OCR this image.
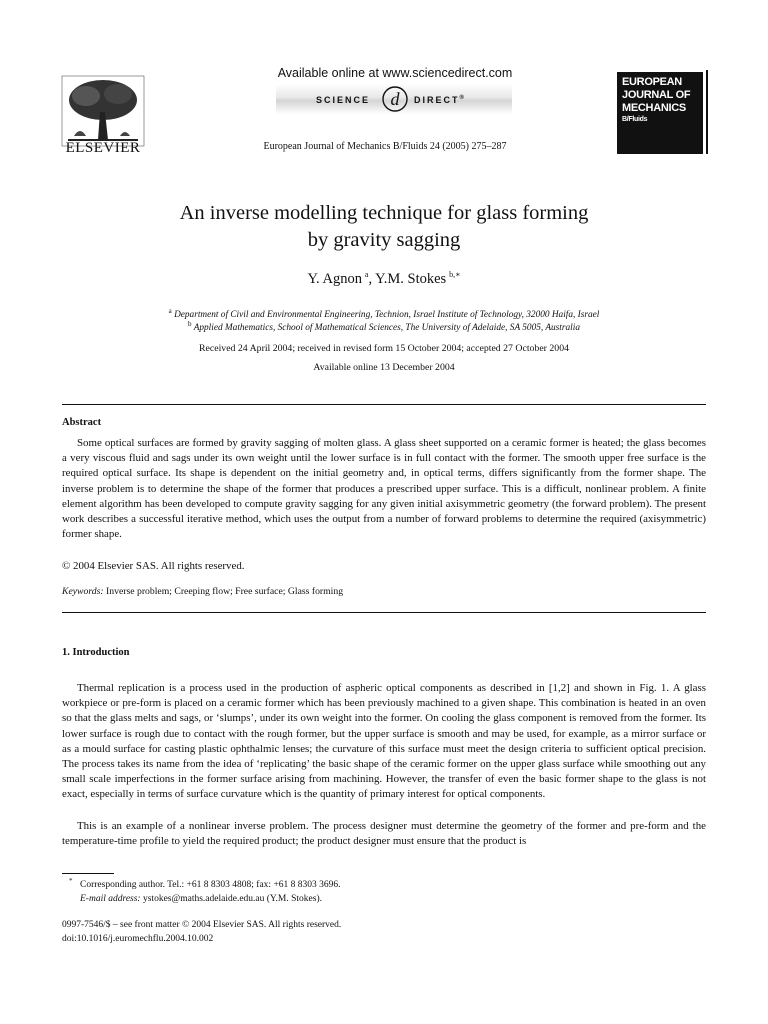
ELSEVIER
Available online at www.sciencedirect.com
SCIENCE d DIRECT®
European Journal of Mechanics B/Fluids 24 (2005) 275–287
EUROPEAN
JOURNAL OF
MECHANICS
B/Fluids
An inverse modelling technique for glass forming
by gravity sagging
Y. Agnon  $^a$, Y.M. Stokes  $^{b,∗}$
$^a$ Department of Civil and Environmental Engineering, Technion, Israel Institute of Technology, 32000 Haifa, Israel
$^b$ Applied Mathematics, School of Mathematical Sciences, The University of Adelaide, SA 5005, Australia
Received 24 April 2004; received in revised form 15 October 2004; accepted 27 October 2004
Available online 13 December 2004
Abstract
Some optical surfaces are formed by gravity sagging of molten glass. A glass sheet supported on a ceramic former is heated; the glass becomes a very viscous fluid and sags under its own weight until the lower surface is in full contact with the former. The smooth upper free surface is the required optical surface. Its shape is dependent on the initial geometry and, in optical terms, differs significantly from the former shape. The inverse problem is to determine the shape of the former that produces a prescribed upper surface. This is a difficult, nonlinear problem. A finite element algorithm has been developed to compute gravity sagging for any given initial axisymmetric geometry (the forward problem). The present work describes a successful iterative method, which uses the output from a number of forward problems to determine the required (axisymmetric) former shape.
© 2004 Elsevier SAS. All rights reserved.
Keywords: Inverse problem; Creeping flow; Free surface; Glass forming
1. Introduction
Thermal replication is a process used in the production of aspheric optical components as described in [1,2] and shown in Fig. 1. A glass workpiece or pre-form is placed on a ceramic former which has been previously machined to a given shape. This combination is heated in an oven so that the glass melts and sags, or ‘slumps’, under its own weight into the former. On cooling the glass component is removed from the former. Its lower surface is rough due to contact with the rough former, but the upper surface is smooth and may be used, for example, as a mirror surface or as a mould surface for casting plastic ophthalmic lenses; the curvature of this surface must meet the design criteria to sufficient optical precision. The process takes its name from the idea of ‘replicating’ the basic shape of the ceramic former on the upper glass surface while smoothing out any small scale imperfections in the former surface arising from machining. However, the transfer of even the basic former shape to the glass is not exact, especially in terms of surface curvature which is the quantity of primary interest for optical components.
This is an example of a nonlinear inverse problem. The process designer must determine the geometry of the former and pre-form and the temperature-time profile to yield the required product; the product designer must ensure that the product is
* Corresponding author. Tel.: +61 8 8303 4808; fax: +61 8 8303 3696.
E-mail address: ystokes@maths.adelaide.edu.au (Y.M. Stokes).
0997-7546/$ – see front matter © 2004 Elsevier SAS. All rights reserved.
doi:10.1016/j.euromechflu.2004.10.002
